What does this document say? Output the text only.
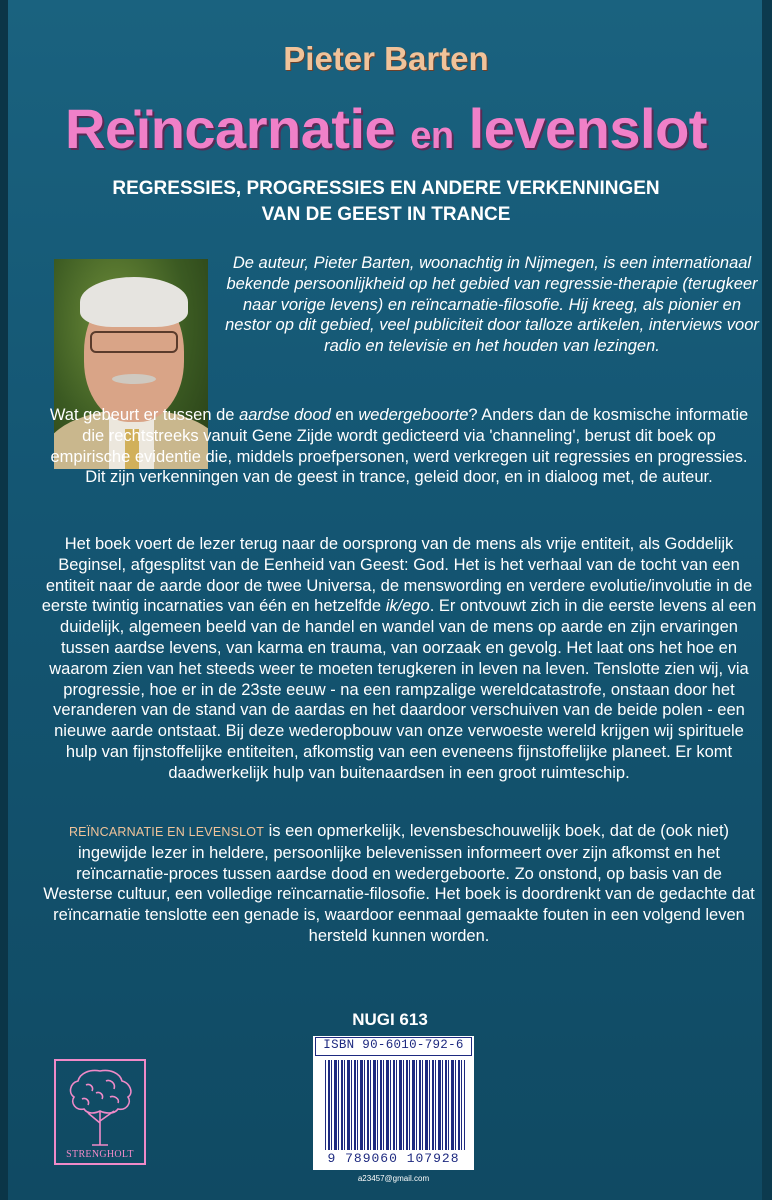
Pieter Barten
Reïncarnatie en levenslot
REGRESSIES, PROGRESSIES EN ANDERE VERKENNINGEN
VAN DE GEEST IN TRANCE
De auteur, Pieter Barten, woonachtig in Nijmegen, is een internationaal bekende persoonlijkheid op het gebied van regressie-therapie (terugkeer naar vorige levens) en reïncarnatie-filosofie. Hij kreeg, als pionier en nestor op dit gebied, veel publiciteit door talloze artikelen, interviews voor radio en televisie en het houden van lezingen.
Wat gebeurt er tussen de aardse dood en wedergeboorte? Anders dan de kosmische informatie die rechtstreeks vanuit Gene Zijde wordt gedicteerd via 'channeling', berust dit boek op empirische evidentie die, middels proefpersonen, werd verkregen uit regressies en progressies. Dit zijn verkenningen van de geest in trance, geleid door, en in dialoog met, de auteur.
Het boek voert de lezer terug naar de oorsprong van de mens als vrije entiteit, als Goddelijk Beginsel, afgesplitst van de Eenheid van Geest: God. Het is het verhaal van de tocht van een entiteit naar de aarde door de twee Universa, de menswording en verdere evolutie/involutie in de eerste twintig incarnaties van één en hetzelfde ik/ego. Er ontvouwt zich in die eerste levens al een duidelijk, algemeen beeld van de handel en wandel van de mens op aarde en zijn ervaringen tussen aardse levens, van karma en trauma, van oorzaak en gevolg. Het laat ons het hoe en waarom zien van het steeds weer te moeten terugkeren in leven na leven. Tenslotte zien wij, via progressie, hoe er in de 23ste eeuw - na een rampzalige wereldcatastrofe, onstaan door het veranderen van de stand van de aardas en het daardoor verschuiven van de beide polen - een nieuwe aarde ontstaat. Bij deze wederopbouw van onze verwoeste wereld krijgen wij spirituele hulp van fijnstoffelijke entiteiten, afkomstig van een eveneens fijnstoffelijke planeet. Er komt daadwerkelijk hulp van buitenaardsen in een groot ruimteschip.
REÏNCARNATIE EN LEVENSLOT is een opmerkelijk, levensbeschouwelijk boek, dat de (ook niet) ingewijde lezer in heldere, persoonlijke belevenissen informeert over zijn afkomst en het reïncarnatie-proces tussen aardse dood en wedergeboorte. Zo onstond, op basis van de Westerse cultuur, een volledige reïncarnatie-filosofie. Het boek is doordrenkt van de gedachte dat reïncarnatie tenslotte een genade is, waardoor eenmaal gemaakte fouten in een volgend leven hersteld kunnen worden.
NUGI 613
ISBN 90-6010-792-6
9 789060 107928
a23457@gmail.com
STRENGHOLT
